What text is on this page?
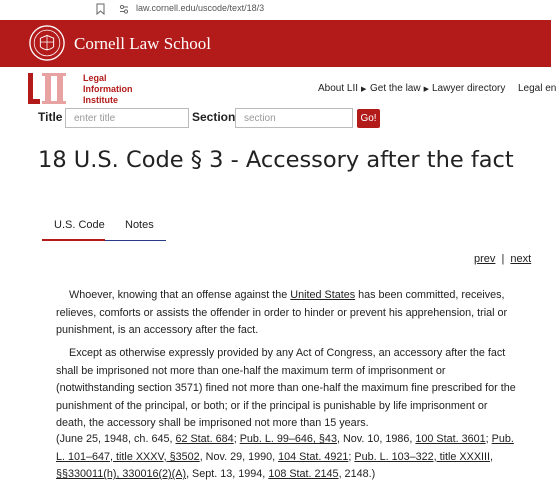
law.cornell.edu/uscode/text/18/3
Cornell Law School
Legal
Information
Institute
About LII ▶ Get the law ▶ Lawyer directory Legal en
Title	enter title	Section section	Go!
18 U.S. Code § 3 - Accessory after the fact
U.S. Code Notes
prev | next

Whoever, knowing that an offense against the United States has been committed, receives, relieves, comforts or assists the offender in order to hinder or prevent his apprehension, trial or punishment, is an accessory after the fact.

Except as otherwise expressly provided by any Act of Congress, an accessory after the fact shall be imprisoned not more than one-half the maximum term of imprisonment or (notwithstanding section 3571) fined not more than one-half the maximum fine prescribed for the punishment of the principal, or both; or if the principal is punishable by life imprisonment or death, the accessory shall be imprisoned not more than 15 years.

(June 25, 1948, ch. 645, 62 Stat. 684; Pub. L. 99–646, §43, Nov. 10, 1986, 100 Stat. 3601; Pub. L. 101–647, title XXXV, §3502, Nov. 29, 1990, 104 Stat. 4921; Pub. L. 103–322, title XXXIII, §§330011(h), 330016(2)(A), Sept. 13, 1994, 108 Stat. 2145, 2148.)
